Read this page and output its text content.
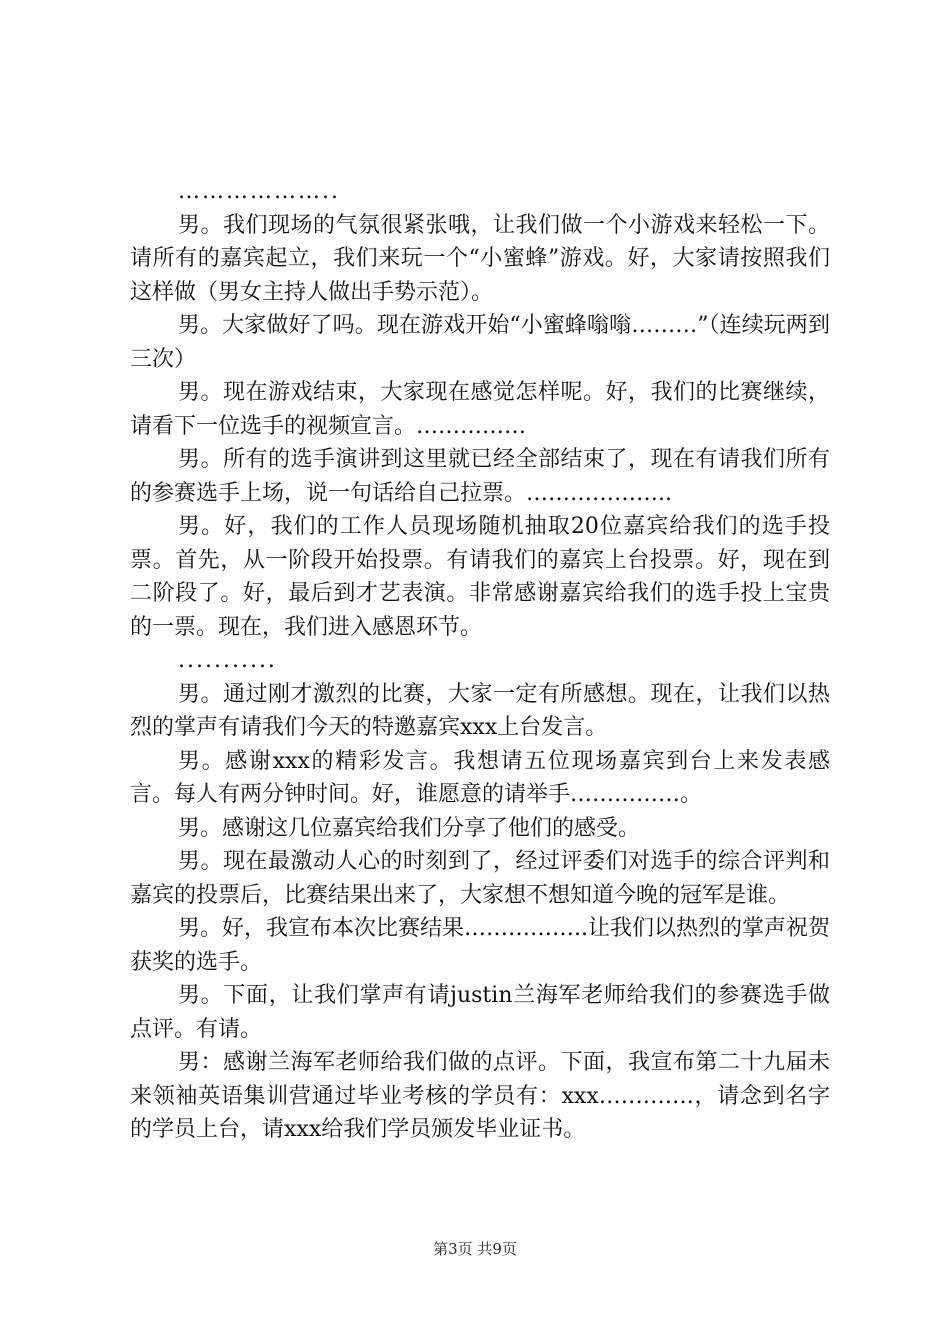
………………..

男。我们现场的气氛很紧张哦，让我们做一个小游戏来轻松一下。请所有的嘉宾起立，我们来玩一个“小蜜蜂”游戏。好，大家请按照我们这样做（男女主持人做出手势示范）。

男。大家做好了吗。现在游戏开始“小蜜蜂嗡嗡………”（连续玩两到三次）

男。现在游戏结束，大家现在感觉怎样呢。好，我们的比赛继续，请看下一位选手的视频宣言。……………

男。所有的选手演讲到这里就已经全部结束了，现在有请我们所有的参赛选手上场，说一句话给自己拉票。………………..

男。好，我们的工作人员现场随机抽取20位嘉宾给我们的选手投票。首先，从一阶段开始投票。有请我们的嘉宾上台投票。好，现在到二阶段了。好，最后到才艺表演。非常感谢嘉宾给我们的选手投上宝贵的一票。现在，我们进入感恩环节。

...........

男。通过刚才激烈的比赛，大家一定有所感想。现在，让我们以热烈的掌声有请我们今天的特邀嘉宾xxx上台发言。

男。感谢xxx的精彩发言。我想请五位现场嘉宾到台上来发表感言。每人有两分钟时间。好，谁愿意的请举手……………。

男。感谢这几位嘉宾给我们分享了他们的感受。

男。现在最激动人心的时刻到了，经过评委们对选手的综合评判和嘉宾的投票后，比赛结果出来了，大家想不想知道今晚的冠军是谁。

男。好，我宣布本次比赛结果……………..让我们以热烈的掌声祝贺获奖的选手。

男。下面，让我们掌声有请justin兰海军老师给我们的参赛选手做点评。有请。

男：感谢兰海军老师给我们做的点评。下面，我宣布第二十九届未来领袖英语集训营通过毕业考核的学员有：xxx………….，请念到名字的学员上台，请xxx给我们学员颁发毕业证书。

第3页 共9页
